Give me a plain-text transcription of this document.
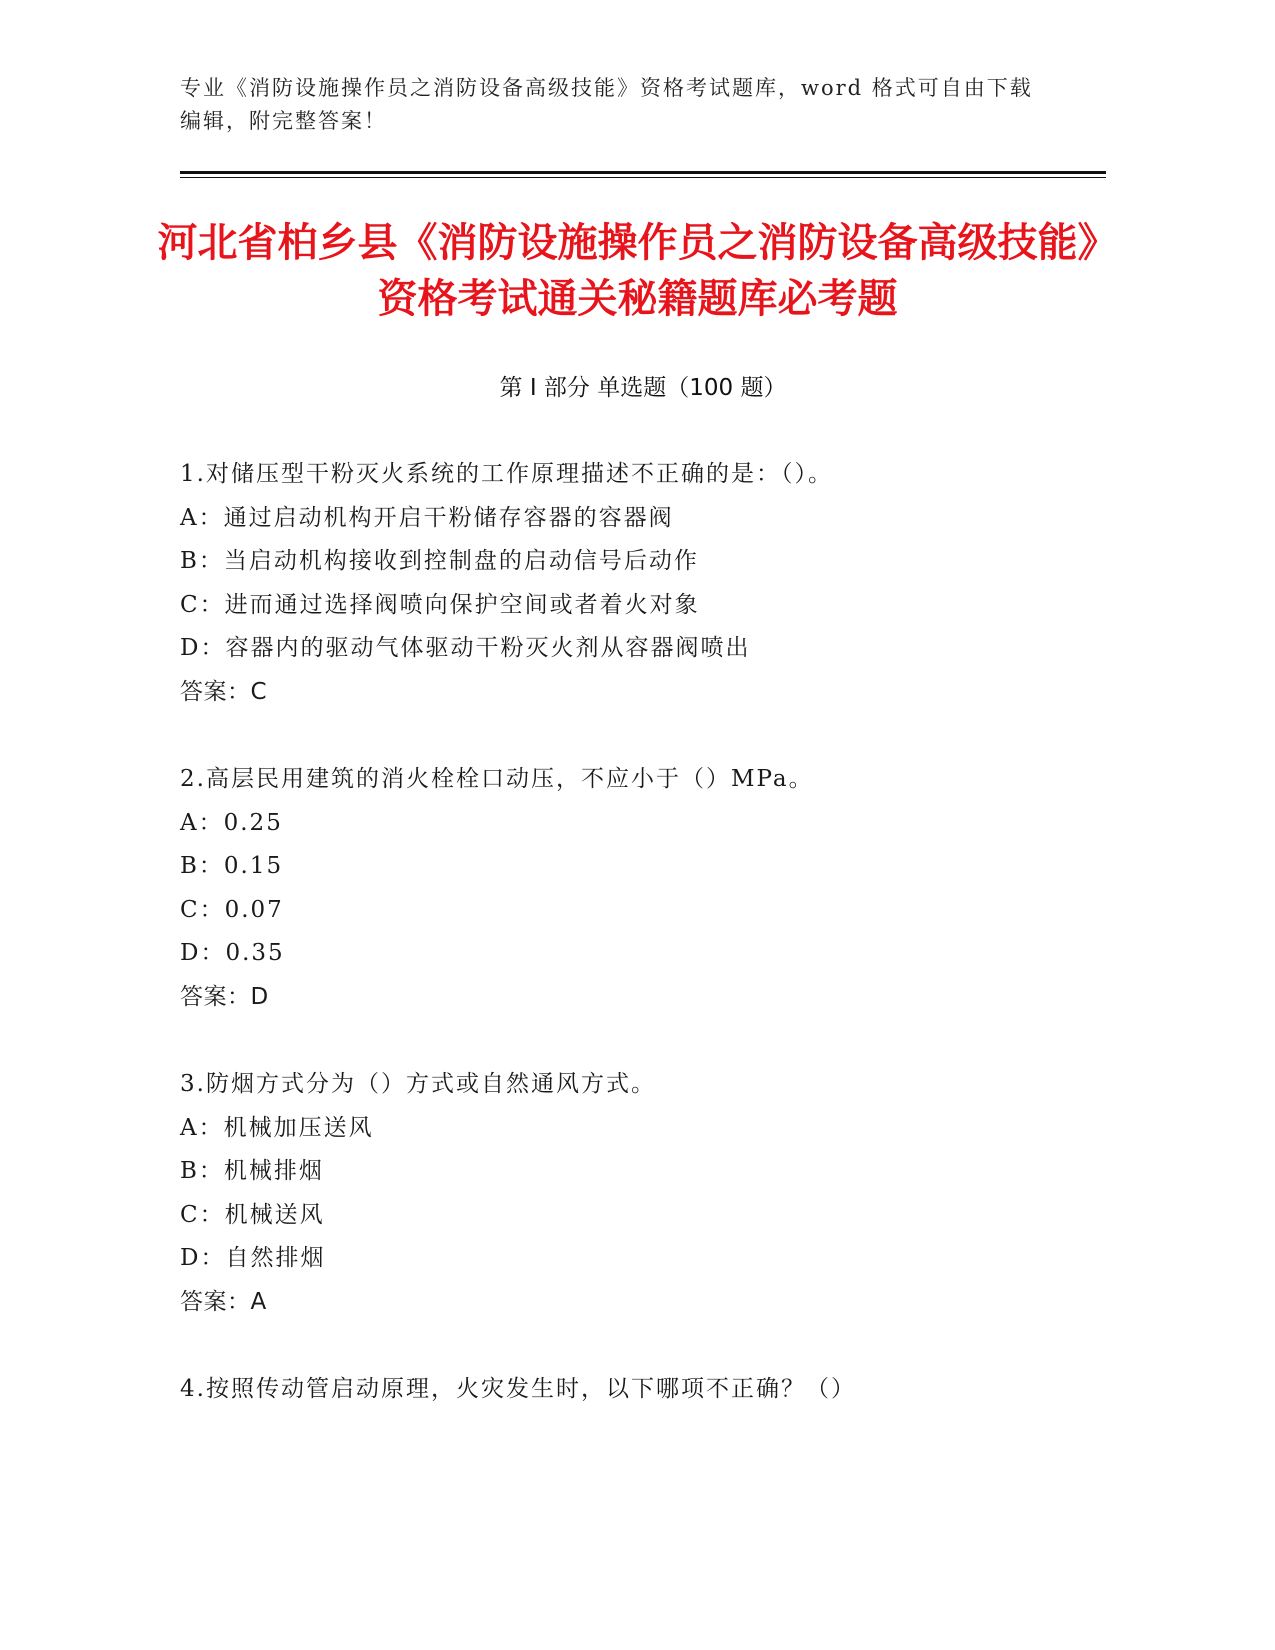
专业《消防设施操作员之消防设备高级技能》资格考试题库，word 格式可自由下载编辑，附完整答案！
河北省柏乡县《消防设施操作员之消防设备高级技能》资格考试通关秘籍题库必考题
第 I 部分 单选题（100 题）
1.对储压型干粉灭火系统的工作原理描述不正确的是：（）。
A：通过启动机构开启干粉储存容器的容器阀
B：当启动机构接收到控制盘的启动信号后动作
C：进而通过选择阀喷向保护空间或者着火对象
D：容器内的驱动气体驱动干粉灭火剂从容器阀喷出
答案：C
2.高层民用建筑的消火栓栓口动压，不应小于（）MPa。
A：0.25
B：0.15
C：0.07
D：0.35
答案：D
3.防烟方式分为（）方式或自然通风方式。
A：机械加压送风
B：机械排烟
C：机械送风
D：自然排烟
答案：A
4.按照传动管启动原理，火灾发生时，以下哪项不正确？（）
